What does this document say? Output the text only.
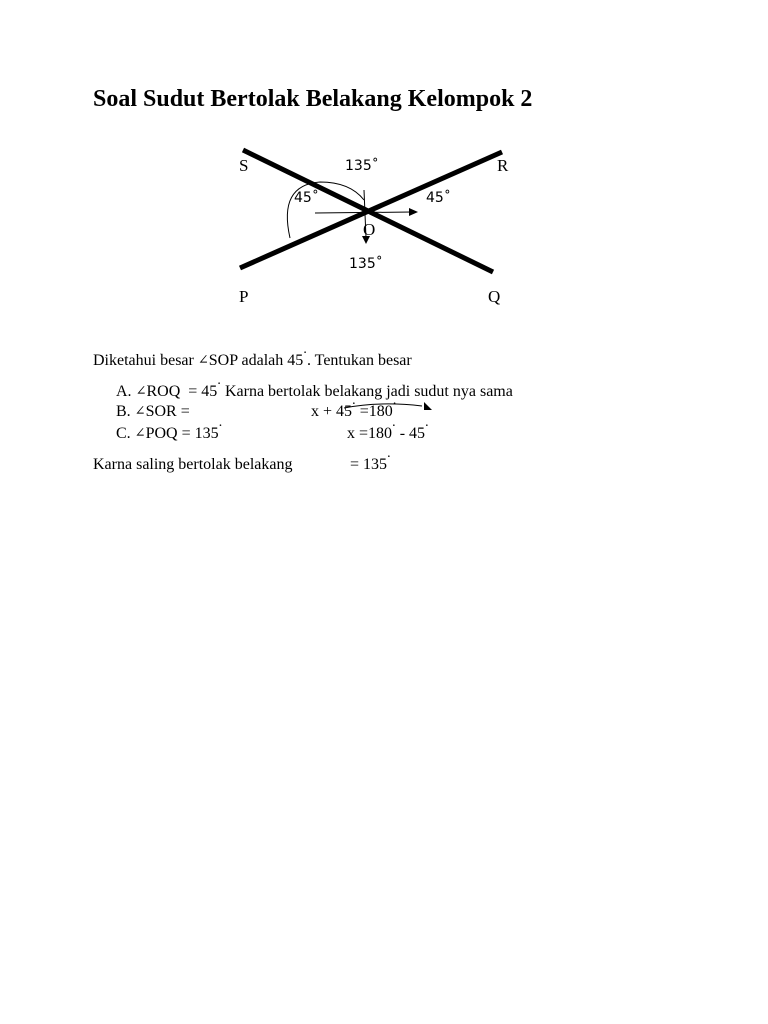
Soal Sudut Bertolak Belakang Kelompok 2
S	R
P	Q
O
135˚
45˚	45˚
135˚
Diketahui besar ∠SOP adalah 45˙. Tentukan besar
A. ∠ROQ  = 45˙ Karna bertolak belakang jadi sudut nya sama
B. ∠SOR =	x + 45˙ =180˙
C. ∠POQ = 135˙	x =180˙ - 45˙
Karna saling bertolak belakang	= 135˙
